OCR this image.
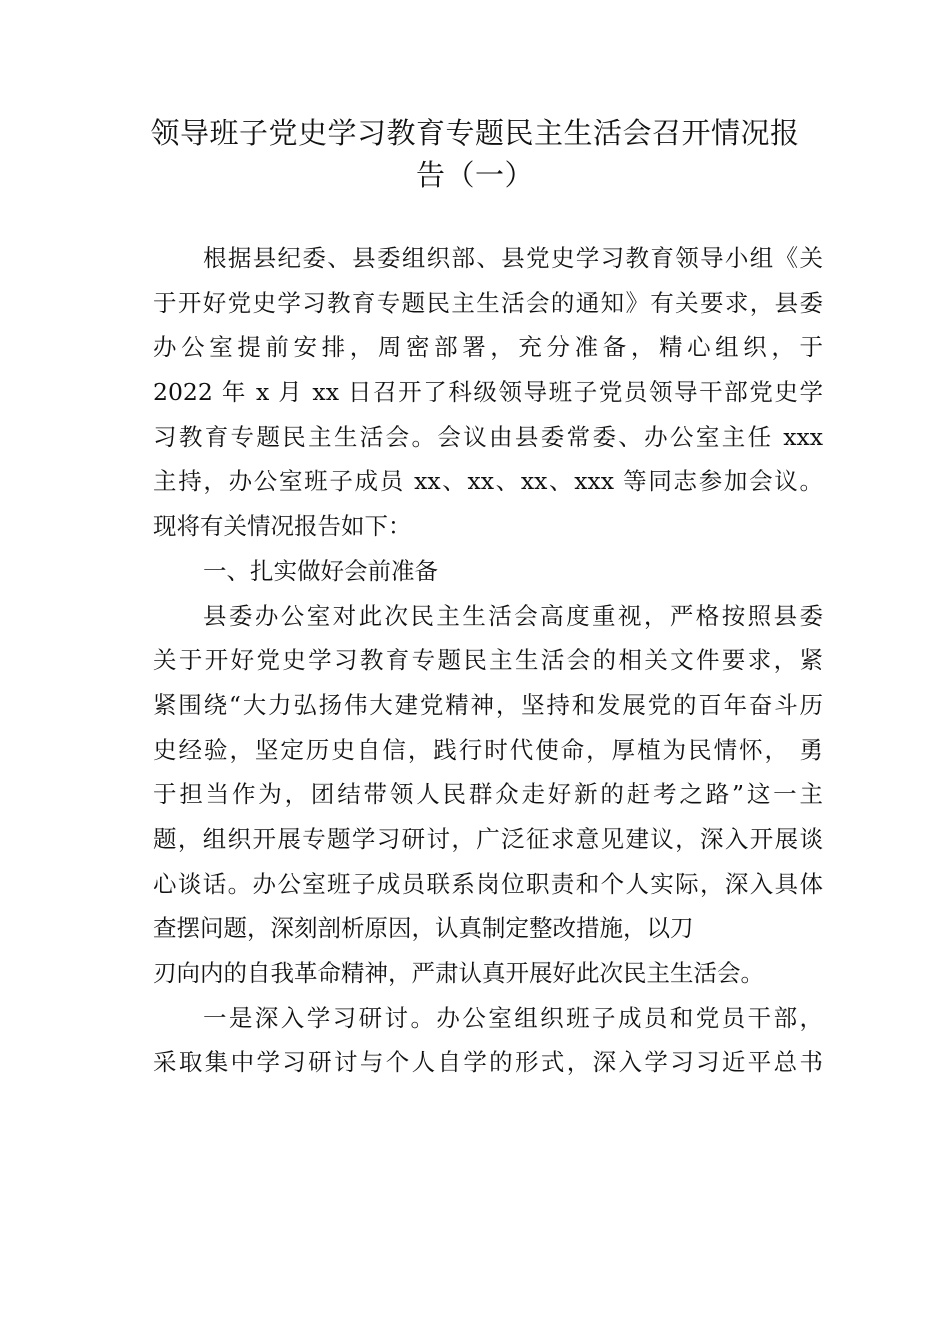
领导班子党史学习教育专题民主生活会召开情况报
告（一）
根据县纪委、县委组织部、县党史学习教育领导小组《关
于开好党史学习教育专题民主生活会的通知》有关要求，县委
办公室提前安排，周密部署，充分准备，精心组织，于
2022 年 x 月 xx 日召开了科级领导班子党员领导干部党史学
习教育专题民主生活会。会议由县委常委、办公室主任 xxx
主持，办公室班子成员 xx、xx、xx、xxx 等同志参加会议。
现将有关情况报告如下：
一、扎实做好会前准备
县委办公室对此次民主生活会高度重视，严格按照县委
关于开好党史学习教育专题民主生活会的相关文件要求，紧
紧围绕“大力弘扬伟大建党精神，坚持和发展党的百年奋斗历
史经验，坚定历史自信，践行时代使命，厚植为民情怀， 勇
于担当作为，团结带领人民群众走好新的赶考之路”这一主
题，组织开展专题学习研讨，广泛征求意见建议，深入开展谈
心谈话。办公室班子成员联系岗位职责和个人实际，深入具体
查摆问题，深刻剖析原因，认真制定整改措施，以刀
刃向内的自我革命精神，严肃认真开展好此次民主生活会。
一是深入学习研讨。办公室组织班子成员和党员干部，
采取集中学习研讨与个人自学的形式，深入学习习近平总书
